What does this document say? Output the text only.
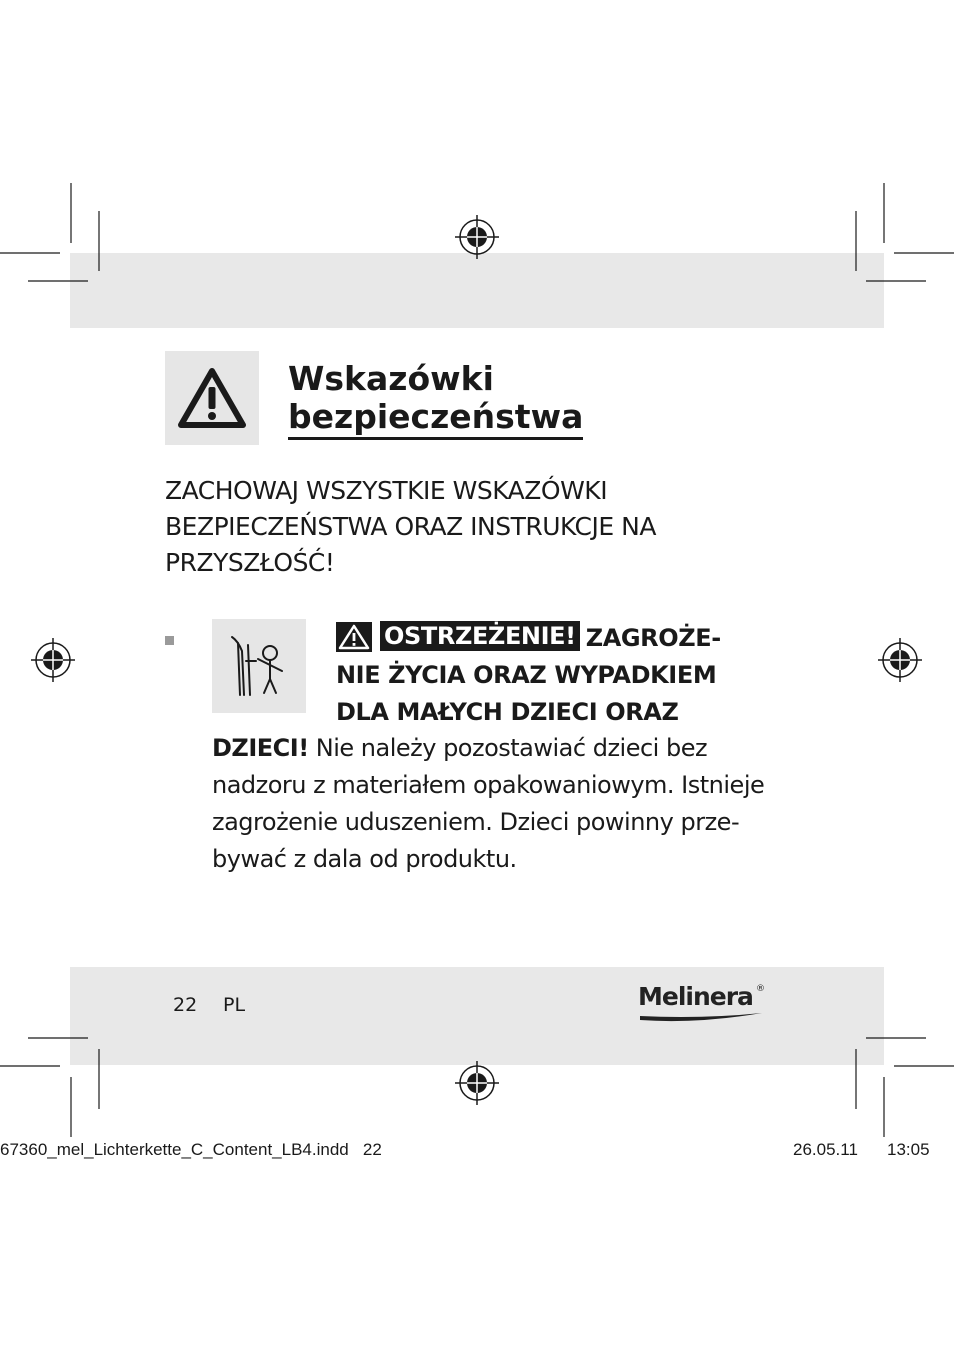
Wskazówki
bezpieczeństwa

ZACHOWAJ WSZYSTKIE WSKAZÓWKI
BEZPIECZEŃSTWA ORAZ INSTRUKCJE NA
PRZYSZŁOŚĆ!

OSTRZEŻENIE! ZAGROŻE-
NIE ŻYCIA ORAZ WYPADKIEM
DLA MAŁYCH DZIECI ORAZ

DZIECI! Nie należy pozostawiać dzieci bez
nadzoru z materiałem opakowaniowym. Istnieje
zagrożenie uduszeniem. Dzieci powinny prze-
bywać z dala od produktu.

22 PL	Melinera ®
67360_mel_Lichterkette_C_Content_LB4.indd   22	26.05.11 13:05
